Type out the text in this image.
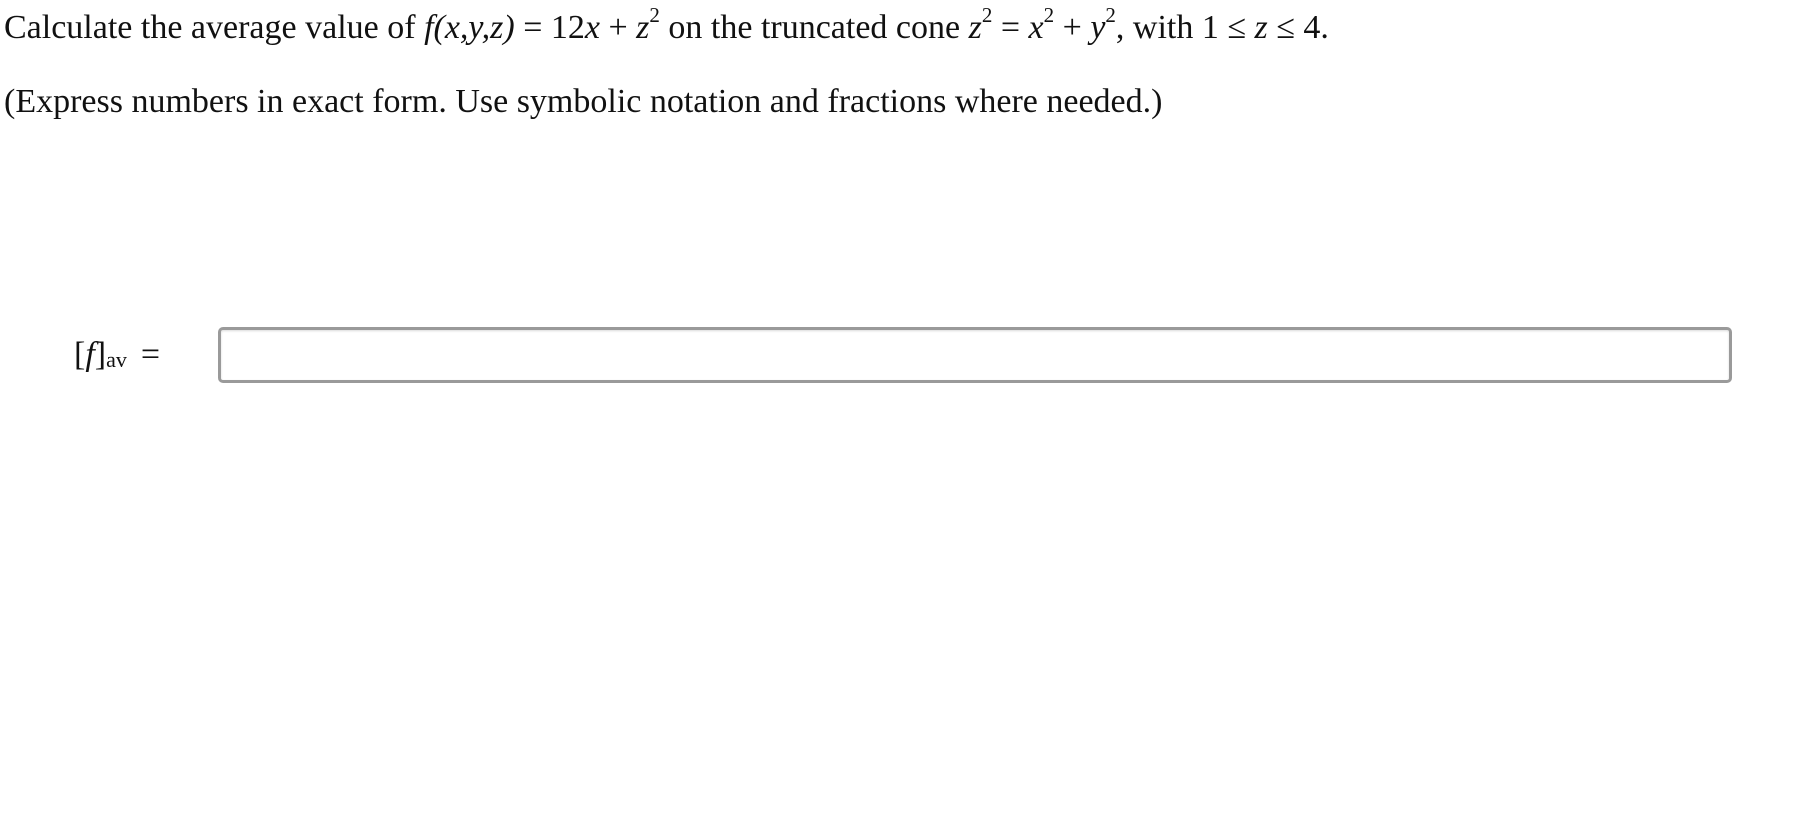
Calculate the average value of $f(x,y,z) = 12x + z^2$ on the truncated cone $z^2 = x^2 + y^2$, with 1 ≤ z ≤ 4.
(Express numbers in exact form. Use symbolic notation and fractions where needed.)
[ f ]$_{av}$ =
